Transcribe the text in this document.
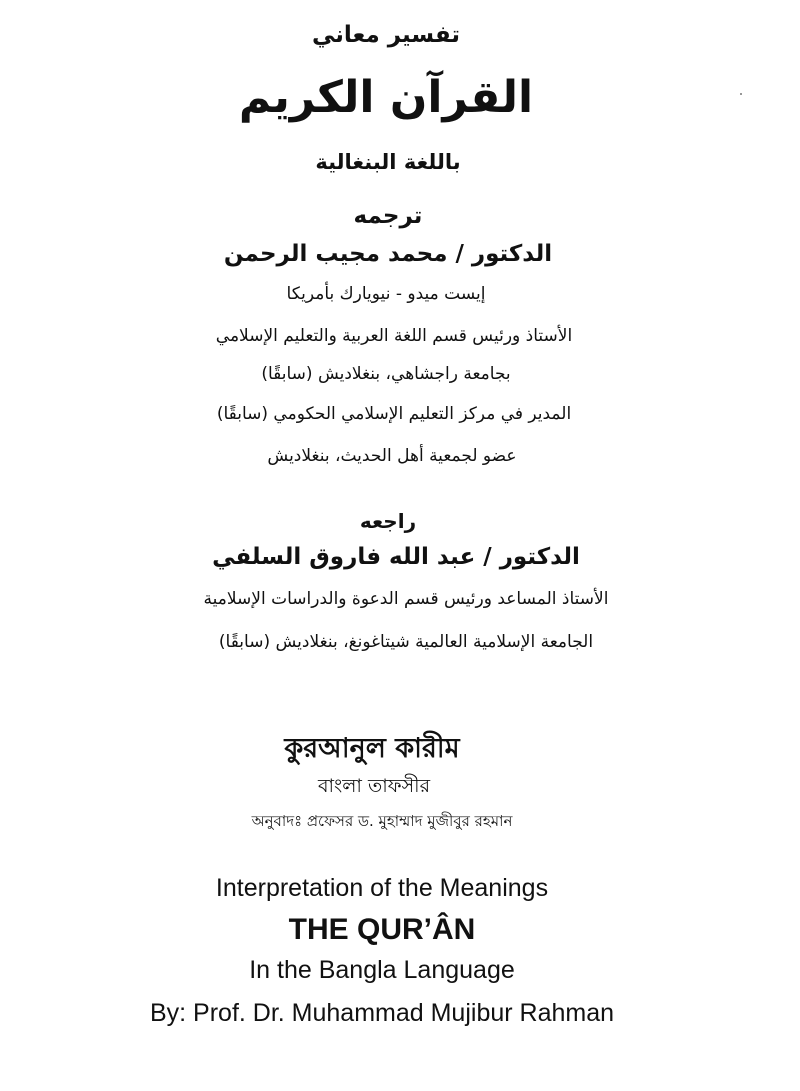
تفسير معاني
القرآن الكريم
باللغة البنغالية
ترجمه
الدكتور / محمد مجيب الرحمن
إيست ميدو - نيويارك بأمريكا
الأستاذ ورئيس قسم اللغة العربية والتعليم الإسلامي
بجامعة راجشاهي، بنغلاديش (سابقًا)
المدير في مركز التعليم الإسلامي الحكومي (سابقًا)
عضو لجمعية أهل الحديث، بنغلاديش
راجعه
الدكتور / عبد الله فاروق السلفي
الأستاذ المساعد ورئيس قسم الدعوة والدراسات الإسلامية
الجامعة الإسلامية العالمية شيتاغونغ، بنغلاديش (سابقًا)
কুরআনুল কারীম
বাংলা তাফসীর
অনুবাদঃ প্রফেসর ড. মুহাম্মাদ মুজীবুর রহমান
Interpretation of the Meanings
THE QUR’ÂN
In the Bangla Language
By: Prof. Dr. Muhammad Mujibur Rahman
